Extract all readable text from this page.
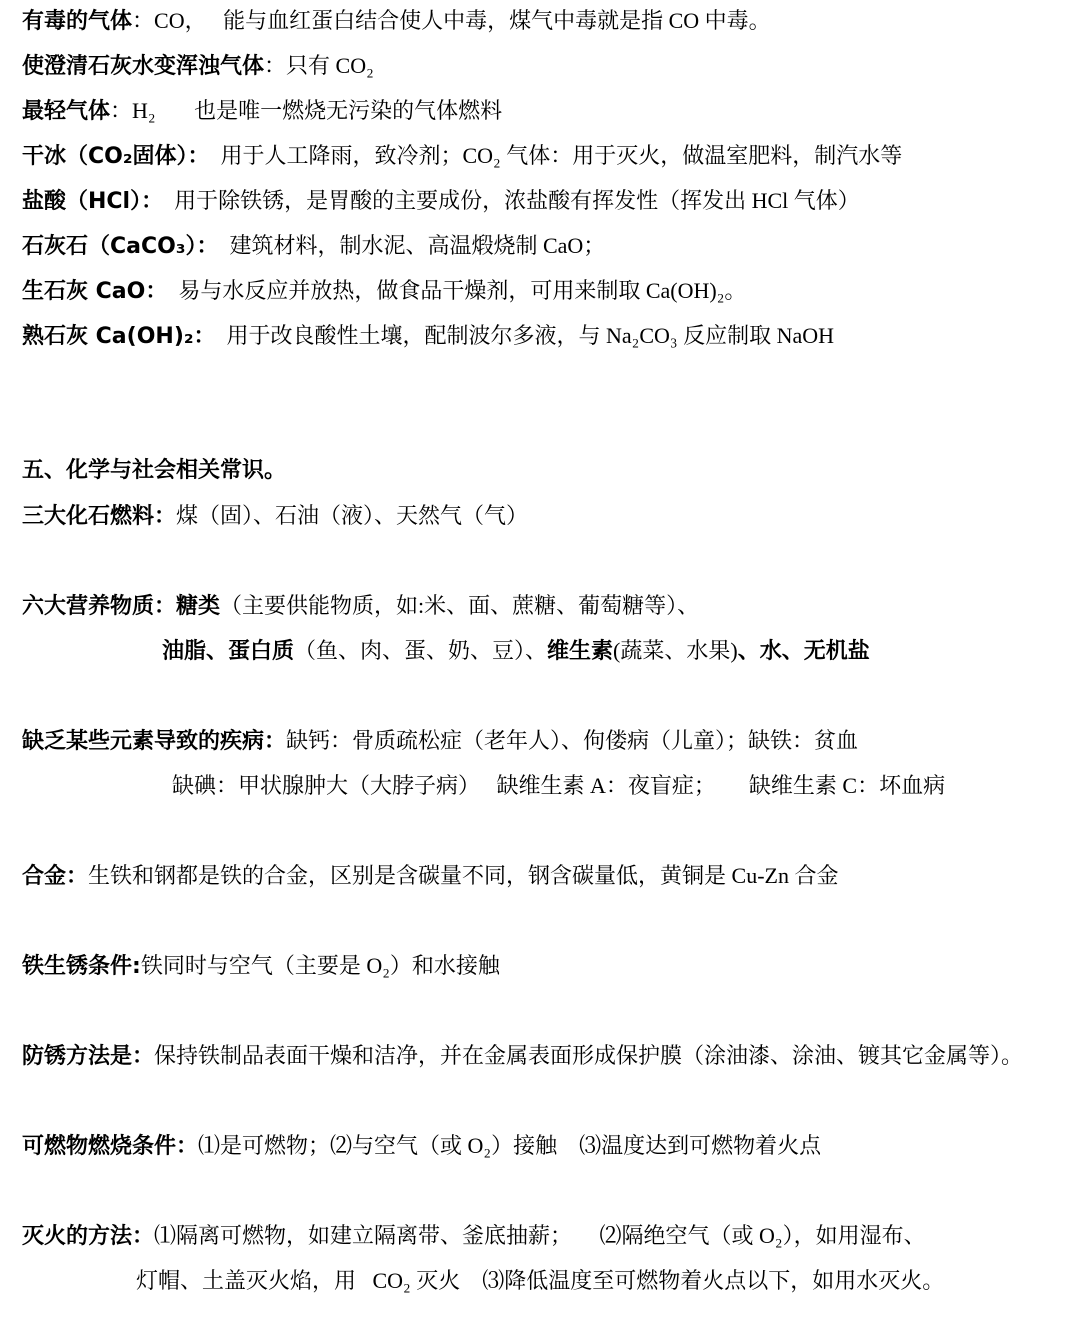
有毒的气体 ：CO，   能与血红蛋白结合使人中毒，煤气中毒就是指 CO 中毒。
使澄清石灰水变浑浊气体 ：只有 CO₂
最轻气体 ：H₂       也是唯一燃烧无污染的气体燃料
干冰（CO₂固体）： 用于人工降雨，致冷剂；CO₂ 气体：用于灭火，做温室肥料，制汽水等
盐酸（HCl）： 用于除铁锈，是胃酸的主要成份，浓盐酸有挥发性（挥发出 HCl 气体）
石灰石（CaCO₃）： 建筑材料，制水泥、高温煅烧制 CaO；
生石灰 CaO： 易与水反应并放热，做食品干燥剂，可用来制取 Ca(OH)₂。
熟石灰 Ca(OH)₂： 用于改良酸性土壤，配制波尔多液，与 Na₂CO₃ 反应制取 NaOH
五、化学与社会相关常识。
三大化石燃料： 煤（固）、石油（液）、天然气（气）
六大营养物质： 糖类 （主要供能物质，如:米、面、蔗糖、葡萄糖等）、
油脂、蛋白质 （鱼、肉、蛋、奶、豆）、 维生素 (蔬菜、水果) 、水、无机盐
缺乏某些元素导致的疾病： 缺钙：骨质疏松症（老年人）、佝偻病（儿童）；缺铁：贫血
缺碘：甲状腺肿大（大脖子病）   缺维生素 A：夜盲症；      缺维生素 C：坏血病
合金： 生铁和钢都是铁的合金，区别是含碳量不同，钢含碳量低，黄铜是 Cu-Zn 合金
铁生锈条件: 铁同时与空气（主要是 O₂）和水接触
防锈方法是： 保持铁制品表面干燥和洁净，并在金属表面形成保护膜（涂油漆、涂油、镀其它金属等）。
可燃物燃烧条件： ⑴是可燃物；⑵与空气（或 O₂）接触    ⑶温度达到可燃物着火点
灭火的方法： ⑴隔离可燃物，如建立隔离带、釜底抽薪；     ⑵隔绝空气（或 O₂），如用湿布、
灯帽、土盖灭火焰，用   CO₂ 灭火    ⑶降低温度至可燃物着火点以下，如用水灭火。
